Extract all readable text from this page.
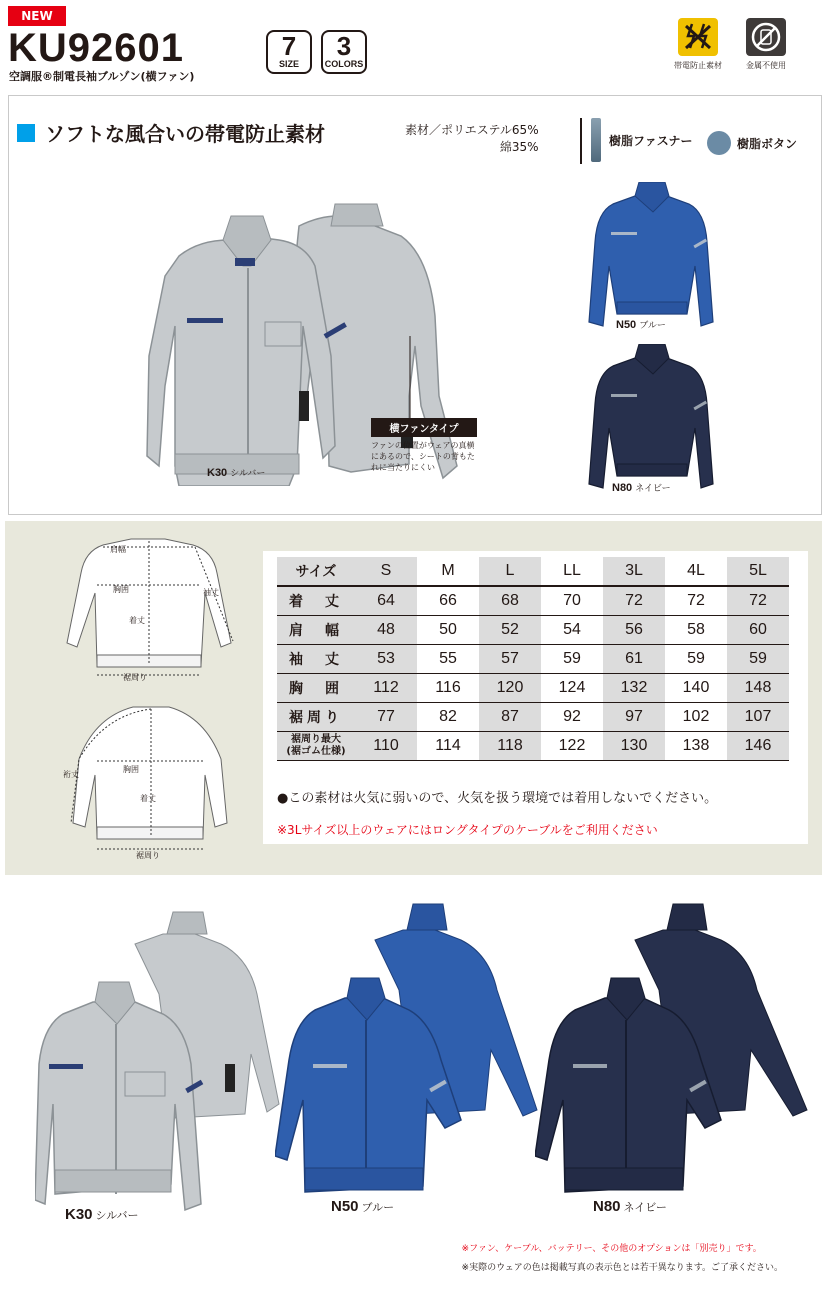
NEW
KU92601
空調服®制電長袖ブルゾン(横ファン)
7
SIZE
3
COLORS	帯電防止素材	金属不使用
ソフトな風合いの帯電防止素材	素材／ポリエステル65%
綿35%	樹脂ファスナー	樹脂ボタン
K30 シルバー
横ファンタイプ
ファンの位置がウェアの真横にあるので、シートの背もたれに当たりにくい
N50 ブルー
N80 ネイビー
肩幅
胸囲
着丈
袖丈
裾周り
裄丈
胸囲
着丈
裾周り
サイズ	S	M	L	LL	3L	4L	5L
着　丈	64	66	68	70	72	72	72
肩　幅	48	50	52	54	56	58	60
袖　丈	53	55	57	59	61	59	59
胸　囲	112	116	120	124	132	140	148
裾周り	77	82	87	92	97	102	107
裾周り最大
(裾ゴム仕様)	110	114	118	122	130	138	146
●この素材は火気に弱いので、火気を扱う環境では着用しないでください。
※3Lサイズ以上のウェアにはロングタイプのケーブルをご利用ください
K30 シルバー
N50 ブルー	N80 ネイビー
※ファン、ケーブル、バッテリー、その他のオプションは「別売り」です。
※実際のウェアの色は掲載写真の表示色とは若干異なります。ご了承ください。
